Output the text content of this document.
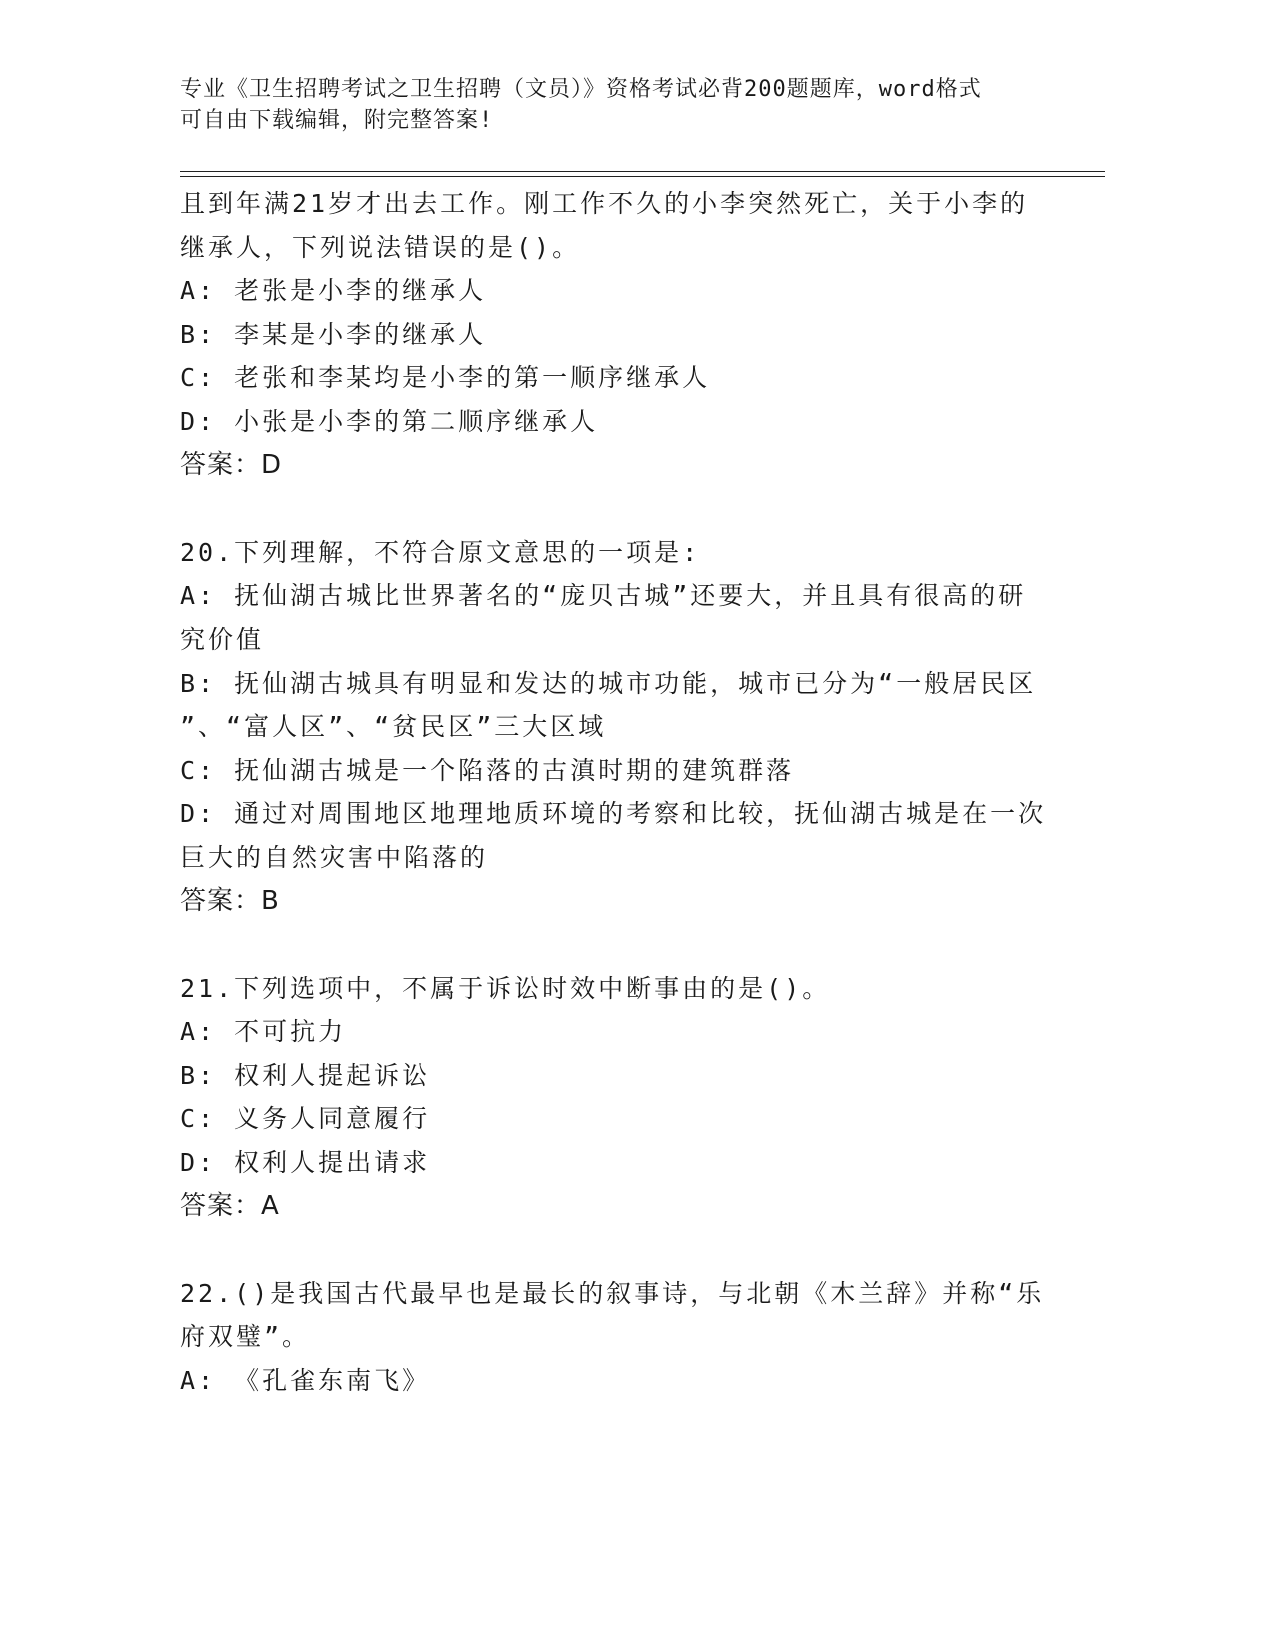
专业《卫生招聘考试之卫生招聘（文员）》资格考试必背200题题库，word格式
可自由下载编辑，附完整答案!
且到年满21岁才出去工作。刚工作不久的小李突然死亡，关于小李的
继承人，下列说法错误的是()。
A: 老张是小李的继承人
B: 李某是小李的继承人
C: 老张和李某均是小李的第一顺序继承人
D: 小张是小李的第二顺序继承人
答案：D
20.下列理解，不符合原文意思的一项是:
A: 抚仙湖古城比世界著名的“庞贝古城”还要大，并且具有很高的研
究价值
B: 抚仙湖古城具有明显和发达的城市功能，城市已分为“一般居民区
”、“富人区”、“贫民区”三大区域
C: 抚仙湖古城是一个陷落的古滇时期的建筑群落
D: 通过对周围地区地理地质环境的考察和比较，抚仙湖古城是在一次
巨大的自然灾害中陷落的
答案：B
21.下列选项中，不属于诉讼时效中断事由的是()。
A: 不可抗力
B: 权利人提起诉讼
C: 义务人同意履行
D: 权利人提出请求
答案：A
22.()是我国古代最早也是最长的叙事诗，与北朝《木兰辞》并称“乐
府双璧”。
A: 《孔雀东南飞》
